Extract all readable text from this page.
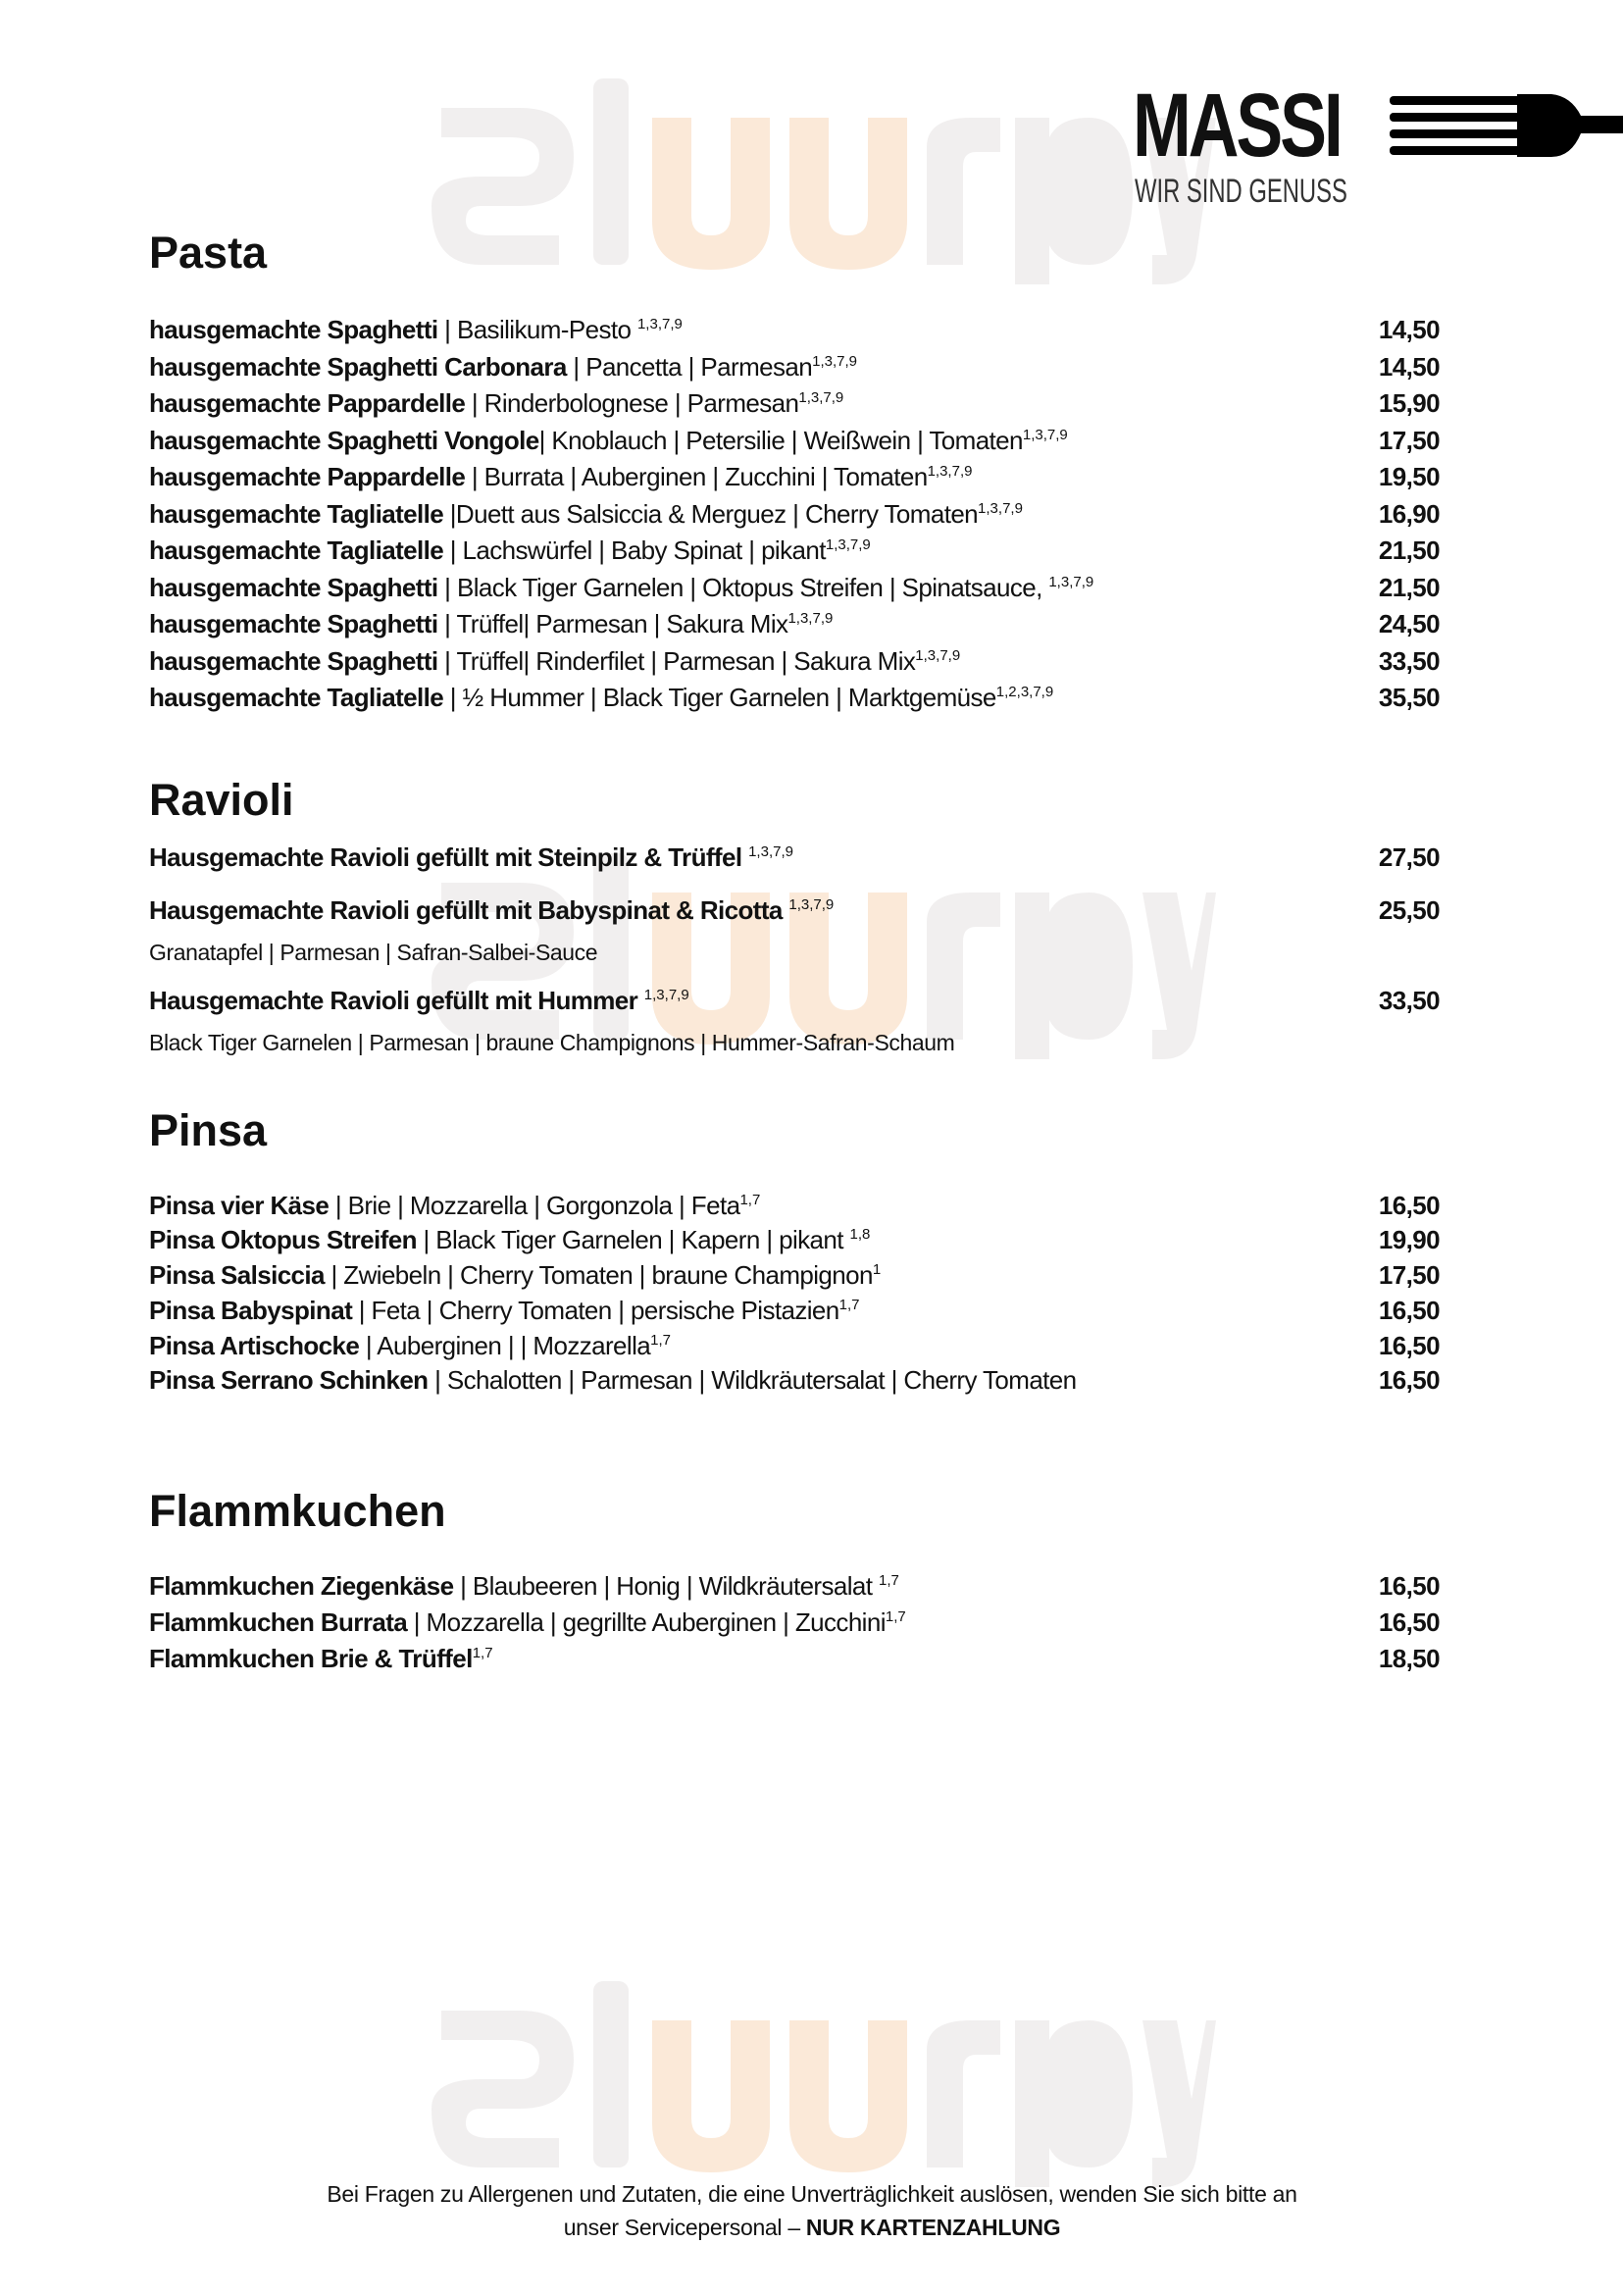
MASSI
WIR SIND GENUSS
Pasta
hausgemachte Spaghetti | Basilikum-Pesto $^{1,3,7,9}$	14,50
hausgemachte Spaghetti Carbonara | Pancetta | Parmesan$^{1,3,7,9}$	14,50
hausgemachte Pappardelle | Rinderbolognese | Parmesan$^{1,3,7,9}$	15,90
hausgemachte Spaghetti Vongole| Knoblauch | Petersilie | Weißwein | Tomaten$^{1,3,7,9}$	17,50
hausgemachte Pappardelle | Burrata | Auberginen | Zucchini | Tomaten$^{1,3,7,9}$	19,50
hausgemachte Tagliatelle |Duett aus Salsiccia & Merguez | Cherry Tomaten$^{1,3,7,9}$	16,90
hausgemachte Tagliatelle | Lachswürfel | Baby Spinat | pikant$^{1,3,7,9}$	21,50
hausgemachte Spaghetti | Black Tiger Garnelen | Oktopus Streifen | Spinatsauce, $^{1,3,7,9}$	21,50
hausgemachte Spaghetti | Trüffel| Parmesan | Sakura Mix$^{1,3,7,9}$	24,50
hausgemachte Spaghetti | Trüffel| Rinderfilet | Parmesan | Sakura Mix$^{1,3,7,9}$	33,50
hausgemachte Tagliatelle | ½ Hummer | Black Tiger Garnelen | Marktgemüse$^{1,2,3,7,9}$	35,50
Ravioli
Hausgemachte Ravioli gefüllt mit Steinpilz & Trüffel $^{1,3,7,9}$	27,50
Hausgemachte Ravioli gefüllt mit Babyspinat & Ricotta $^{1,3,7,9}$	25,50
Granatapfel | Parmesan | Safran-Salbei-Sauce
Hausgemachte Ravioli gefüllt mit Hummer $^{1,3,7,9}$	33,50
Black Tiger Garnelen | Parmesan | braune Champignons | Hummer-Safran-Schaum
Pinsa
Pinsa vier Käse | Brie | Mozzarella | Gorgonzola | Feta$^{1,7}$	16,50
Pinsa Oktopus Streifen | Black Tiger Garnelen | Kapern | pikant $^{1,8}$	19,90
Pinsa Salsiccia | Zwiebeln | Cherry Tomaten | braune Champignon$^1$	17,50
Pinsa Babyspinat | Feta | Cherry Tomaten | persische Pistazien$^{1,7}$	16,50
Pinsa Artischocke | Auberginen | | Mozzarella$^{1,7}$	16,50
Pinsa Serrano Schinken | Schalotten | Parmesan | Wildkräutersalat | Cherry Tomaten	16,50
Flammkuchen
Flammkuchen Ziegenkäse | Blaubeeren | Honig | Wildkräutersalat $^{1,7}$	16,50
Flammkuchen Burrata | Mozzarella | gegrillte Auberginen | Zucchini$^{1,7}$	16,50
Flammkuchen Brie & Trüffel$^{1,7}$	18,50
Bei Fragen zu Allergenen und Zutaten, die eine Unverträglichkeit auslösen, wenden Sie sich bitte an
unser Servicepersonal – NUR KARTENZAHLUNG
